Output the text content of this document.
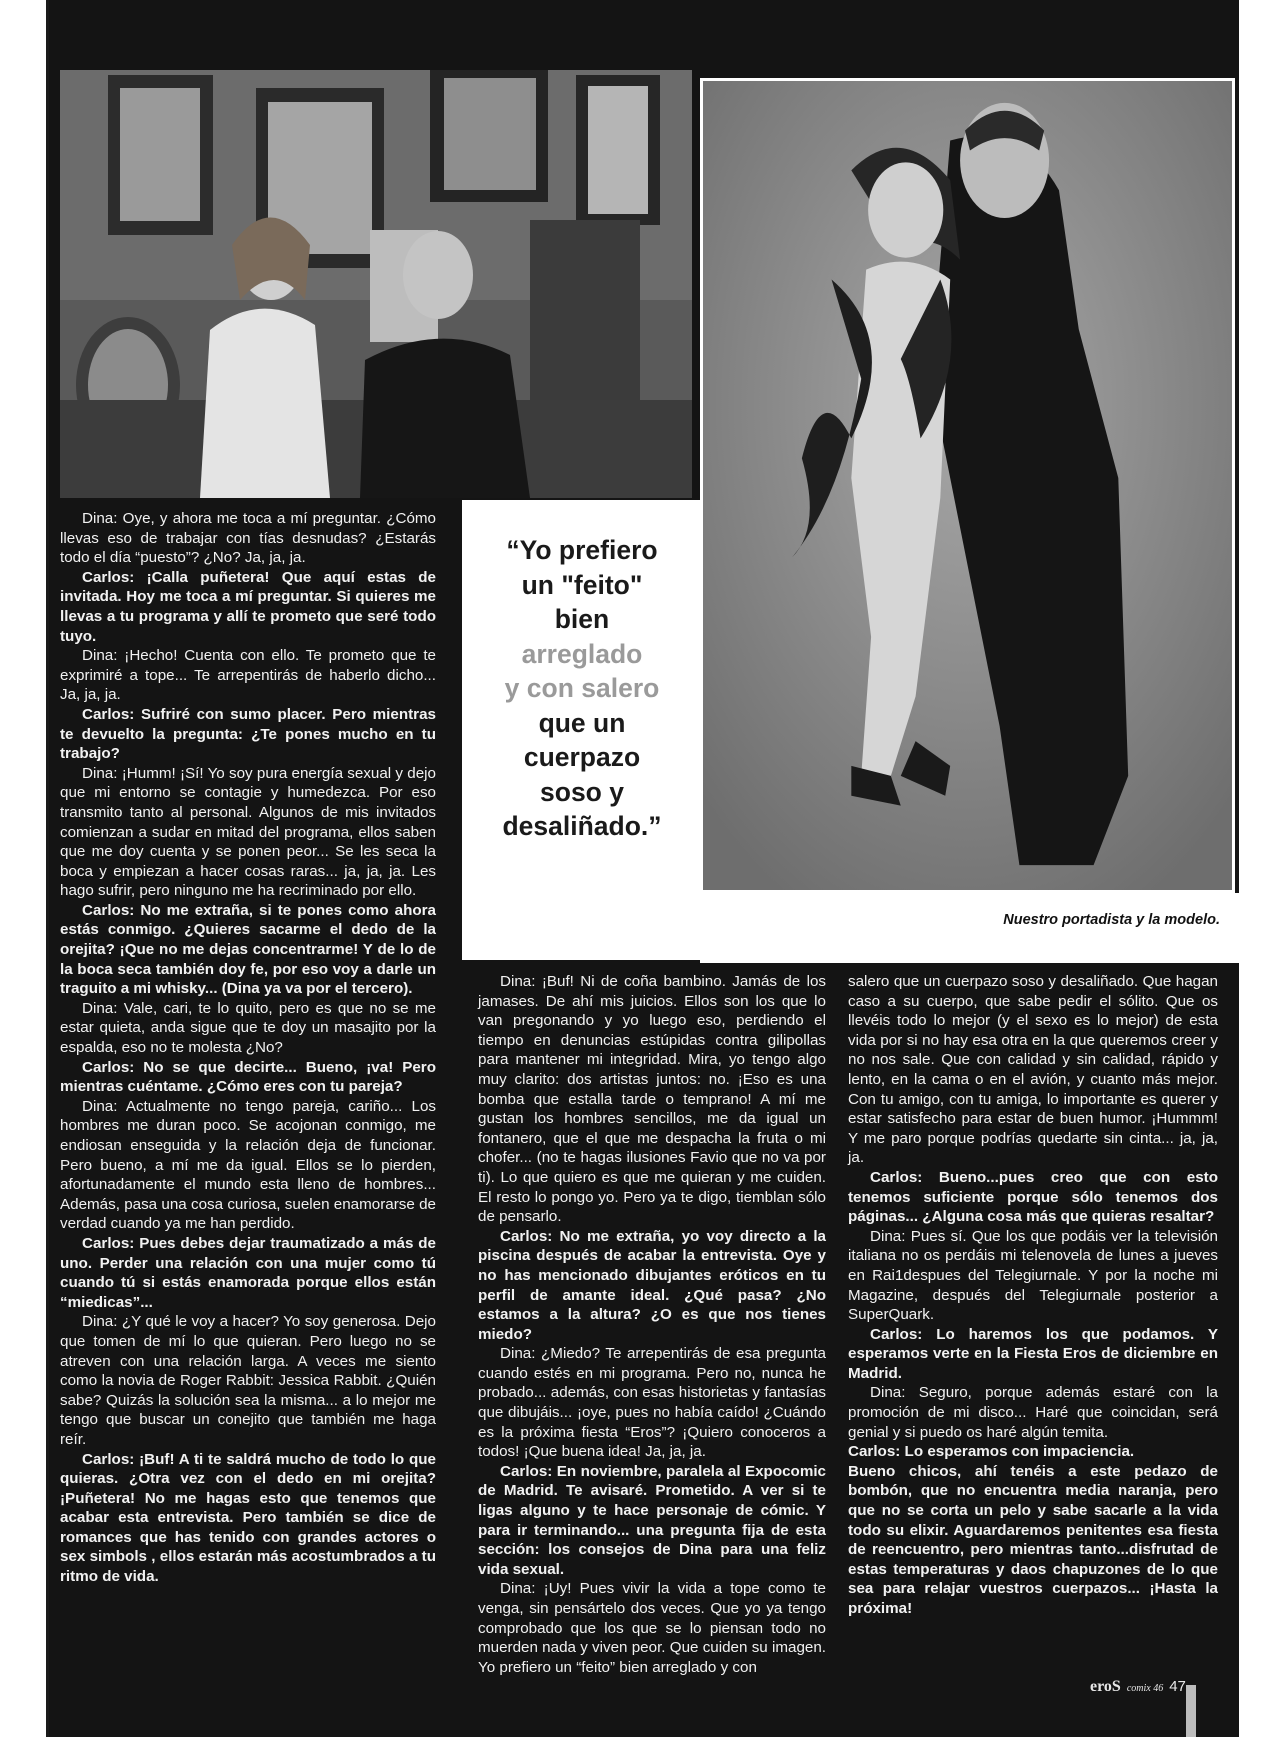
“Yo prefiero
un "feito"
bien
arreglado
y con salero
que un
cuerpazo
soso y
desaliñado.”

Nuestro portadista y la modelo.

Dina: Oye, y ahora me toca a mí preguntar. ¿Cómo llevas eso de trabajar con tías desnudas? ¿Estarás todo el día “puesto”? ¿No? Ja, ja, ja.

Carlos: ¡Calla puñetera! Que aquí estas de invitada. Hoy me toca a mí preguntar. Si quieres me llevas a tu programa y allí te prometo que seré todo tuyo.

Dina: ¡Hecho! Cuenta con ello. Te prometo que te exprimiré a tope... Te arrepentirás de haberlo dicho... Ja, ja, ja.

Carlos: Sufriré con sumo placer. Pero mientras te devuelto la pregunta: ¿Te pones mucho en tu trabajo?

Dina: ¡Humm! ¡Sí! Yo soy pura energía sexual y dejo que mi entorno se contagie y humedezca. Por eso transmito tanto al personal. Algunos de mis invitados comienzan a sudar en mitad del programa, ellos saben que me doy cuenta y se ponen peor... Se les seca la boca y empiezan a hacer cosas raras... ja, ja, ja. Les hago sufrir, pero ninguno me ha recriminado por ello.

Carlos: No me extraña, si te pones como ahora estás conmigo. ¿Quieres sacarme el dedo de la orejita? ¡Que no me dejas concentrarme! Y de lo de la boca seca también doy fe, por eso voy a darle un traguito a mi whisky... (Dina ya va por el tercero).

Dina: Vale, cari, te lo quito, pero es que no se me estar quieta, anda sigue que te doy un masajito por la espalda, eso no te molesta ¿No?

Carlos: No se que decirte... Bueno, ¡va! Pero mientras cuéntame. ¿Cómo eres con tu pareja?

Dina: Actualmente no tengo pareja, cariño... Los hombres me duran poco. Se acojonan conmigo, me endiosan enseguida y la relación deja de funcionar. Pero bueno, a mí me da igual. Ellos se lo pierden, afortunadamente el mundo esta lleno de hombres... Además, pasa una cosa curiosa, suelen enamorarse de verdad cuando ya me han perdido.

Carlos: Pues debes dejar traumatizado a más de uno. Perder una relación con una mujer como tú cuando tú si estás enamorada porque ellos están “miedicas”...

Dina: ¿Y qué le voy a hacer? Yo soy generosa. Dejo que tomen de mí lo que quieran. Pero luego no se atreven con una relación larga. A veces me siento como la novia de Roger Rabbit: Jessica Rabbit. ¿Quién sabe? Quizás la solución sea la misma... a lo mejor me tengo que buscar un conejito que también me haga reír.

Carlos: ¡Buf! A ti te saldrá mucho de todo lo que quieras. ¿Otra vez con el dedo en mi orejita? ¡Puñetera! No me hagas esto que tenemos que acabar esta entrevista. Pero también se dice de romances que has tenido con grandes actores o sex simbols , ellos estarán más acostumbrados a tu ritmo de vida.

Dina: ¡Buf! Ni de coña bambino. Jamás de los jamases. De ahí mis juicios. Ellos son los que lo van pregonando y yo luego eso, perdiendo el tiempo en denuncias estúpidas contra gilipollas para mantener mi integridad. Mira, yo tengo algo muy clarito: dos artistas juntos: no. ¡Eso es una bomba que estalla tarde o temprano! A mí me gustan los hombres sencillos, me da igual un fontanero, que el que me despacha la fruta o mi chofer... (no te hagas ilusiones Favio que no va por ti). Lo que quiero es que me quieran y me cuiden. El resto lo pongo yo. Pero ya te digo, tiemblan sólo de pensarlo.

Carlos: No me extraña, yo voy directo a la piscina después de acabar la entrevista. Oye y no has mencionado dibujantes eróticos en tu perfil de amante ideal. ¿Qué pasa? ¿No estamos a la altura? ¿O es que nos tienes miedo?

Dina: ¿Miedo? Te arrepentirás de esa pregunta cuando estés en mi programa. Pero no, nunca he probado... además, con esas historietas y fantasías que dibujáis... ¡oye, pues no había caído! ¿Cuándo es la próxima fiesta “Eros”? ¡Quiero conoceros a todos! ¡Que buena idea! Ja, ja, ja.

Carlos: En noviembre, paralela al Expocomic de Madrid. Te avisaré. Prometido. A ver si te ligas alguno y te hace personaje de cómic. Y para ir terminando... una pregunta fija de esta sección: los consejos de Dina para una feliz vida sexual.

Dina: ¡Uy! Pues vivir la vida a tope como te venga, sin pensártelo dos veces. Que yo ya tengo comprobado que los que se lo piensan todo no muerden nada y viven peor. Que cuiden su imagen. Yo prefiero un “feito” bien arreglado y con

salero que un cuerpazo soso y desaliñado. Que hagan caso a su cuerpo, que sabe pedir el sólito. Que os llevéis todo lo mejor (y el sexo es lo mejor) de esta vida por si no hay esa otra en la que queremos creer y no nos sale. Que con calidad y sin calidad, rápido y lento, en la cama o en el avión, y cuanto más mejor. Con tu amigo, con tu amiga, lo importante es querer y estar satisfecho para estar de buen humor. ¡Hummm! Y me paro porque podrías quedarte sin cinta... ja, ja, ja.

Carlos: Bueno...pues creo que con esto tenemos suficiente porque sólo tenemos dos páginas... ¿Alguna cosa más que quieras resaltar?

Dina: Pues sí. Que los que podáis ver la televisión italiana no os perdáis mi telenovela de lunes a jueves en Rai1despues del Telegiurnale. Y por la noche mi Magazine, después del Telegiurnale posterior a SuperQuark.

Carlos: Lo haremos los que podamos. Y esperamos verte en la Fiesta Eros de diciembre en Madrid.

Dina: Seguro, porque además estaré con la promoción de mi disco... Haré que coincidan, será genial y si puedo os haré algún temita.

Carlos: Lo esperamos con impaciencia.

Bueno chicos, ahí tenéis a este pedazo de bombón, que no encuentra media naranja, pero que no se corta un pelo y sabe sacarle a la vida todo su elixir. Aguardaremos penitentes esa fiesta de reencuentro, pero mientras tanto...disfrutad de estas temperaturas y daos chapuzones de lo que sea para relajar vuestros cuerpazos... ¡Hasta la próxima!

eroS comix 46 47
